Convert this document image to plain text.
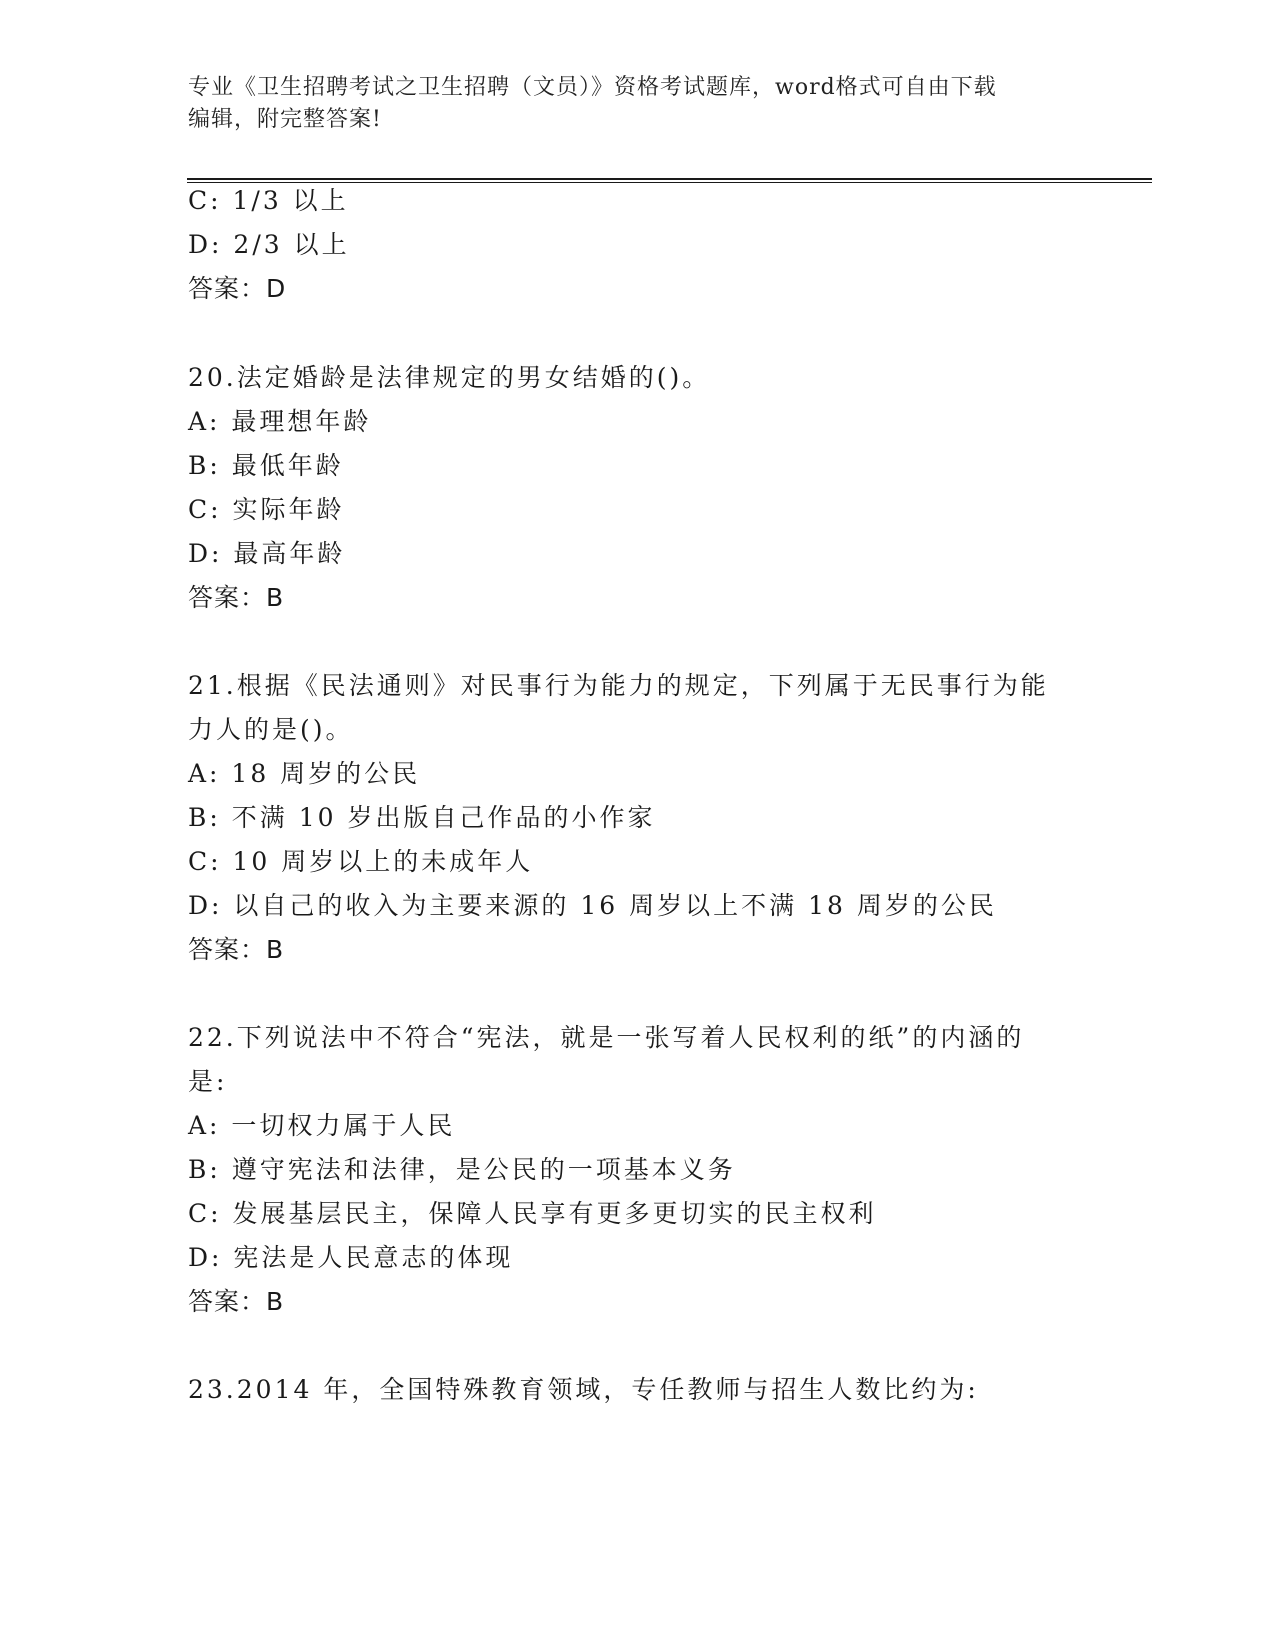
专业《卫生招聘考试之卫生招聘（文员）》资格考试题库，word格式可自由下载
编辑，附完整答案!
C: 1/3 以上
D: 2/3 以上
答案：D
20.法定婚龄是法律规定的男女结婚的()。
A: 最理想年龄
B: 最低年龄
C: 实际年龄
D: 最高年龄
答案：B
21.根据《民法通则》对民事行为能力的规定，下列属于无民事行为能
力人的是()。
A: 18 周岁的公民
B: 不满 10 岁出版自己作品的小作家
C: 10 周岁以上的未成年人
D: 以自己的收入为主要来源的 16 周岁以上不满 18 周岁的公民
答案：B
22.下列说法中不符合“宪法，就是一张写着人民权利的纸”的内涵的
是:
A: 一切权力属于人民
B: 遵守宪法和法律，是公民的一项基本义务
C: 发展基层民主，保障人民享有更多更切实的民主权利
D: 宪法是人民意志的体现
答案：B
23.2014 年，全国特殊教育领域，专任教师与招生人数比约为:
